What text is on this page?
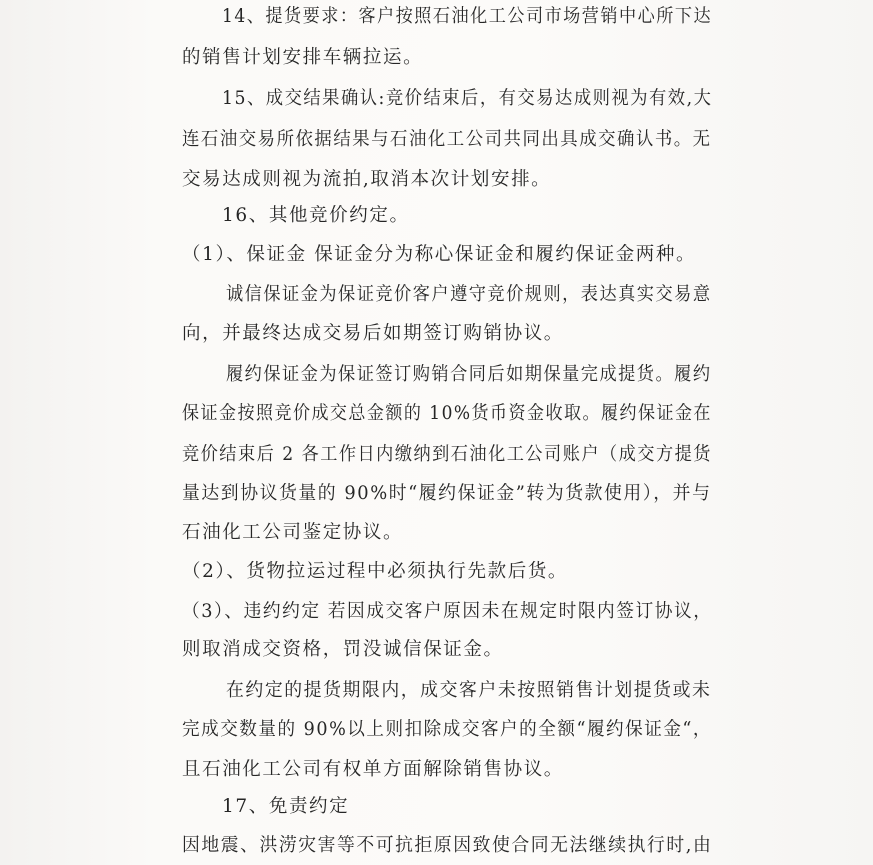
14、提货要求：客户按照石油化工公司市场营销中心所下达
的销售计划安排车辆拉运。
15、成交结果确认:竞价结束后，有交易达成则视为有效,大
连石油交易所依据结果与石油化工公司共同出具成交确认书。无
交易达成则视为流拍,取消本次计划安排。
16、其他竞价约定。
（1）、保证金 保证金分为称心保证金和履约保证金两种。
诚信保证金为保证竞价客户遵守竞价规则，表达真实交易意
向，并最终达成交易后如期签订购销协议。
履约保证金为保证签订购销合同后如期保量完成提货。履约
保证金按照竞价成交总金额的 10%货币资金收取。履约保证金在
竞价结束后 2 各工作日内缴纳到石油化工公司账户（成交方提货
量达到协议货量的 90%时“履约保证金”转为货款使用），并与
石油化工公司鉴定协议。
（2）、货物拉运过程中必须执行先款后货。
（3）、违约约定 若因成交客户原因未在规定时限内签订协议，
则取消成交资格，罚没诚信保证金。
在约定的提货期限内，成交客户未按照销售计划提货或未
完成交数量的 90%以上则扣除成交客户的全额“履约保证金“，
且石油化工公司有权单方面解除销售协议。
17、免责约定
因地震、洪涝灾害等不可抗拒原因致使合同无法继续执行时,由
